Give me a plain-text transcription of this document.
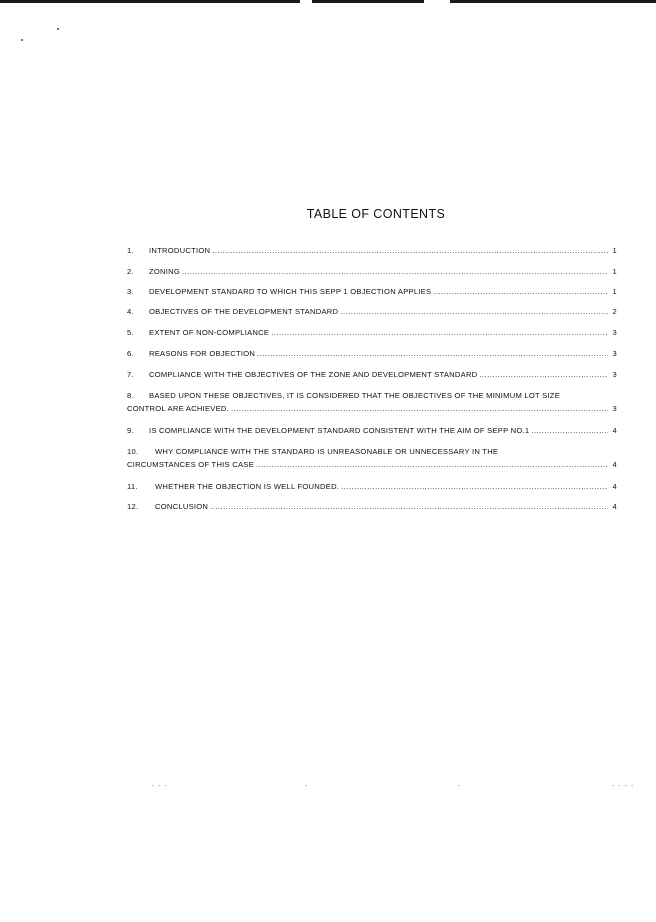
TABLE OF CONTENTS
1.	INTRODUCTION .....	1
2.	ZONING .....	1
3.	DEVELOPMENT STANDARD TO WHICH THIS SEPP 1 OBJECTION APPLIES .....	1
4.	OBJECTIVES OF THE DEVELOPMENT STANDARD .....	2
5.	EXTENT OF NON-COMPLIANCE .....	3
6.	REASONS FOR OBJECTION .....	3
7.	COMPLIANCE WITH THE OBJECTIVES OF THE ZONE AND DEVELOPMENT STANDARD .....	3
8. BASED UPON THESE OBJECTIVES, IT IS CONSIDERED THAT THE OBJECTIVES OF THE MINIMUM LOT SIZE
CONTROL ARE ACHIEVED. .....	3
9.	IS COMPLIANCE WITH THE DEVELOPMENT STANDARD CONSISTENT WITH THE AIM OF SEPP NO.1 .....	4
10. WHY COMPLIANCE WITH THE STANDARD IS UNREASONABLE OR UNNECESSARY IN THE
CIRCUMSTANCES OF THIS CASE .....	4
11.	WHETHER THE OBJECTION IS WELL FOUNDED. .....	4
12.	CONCLUSION .....	4
- - -	-	-	- - - -
